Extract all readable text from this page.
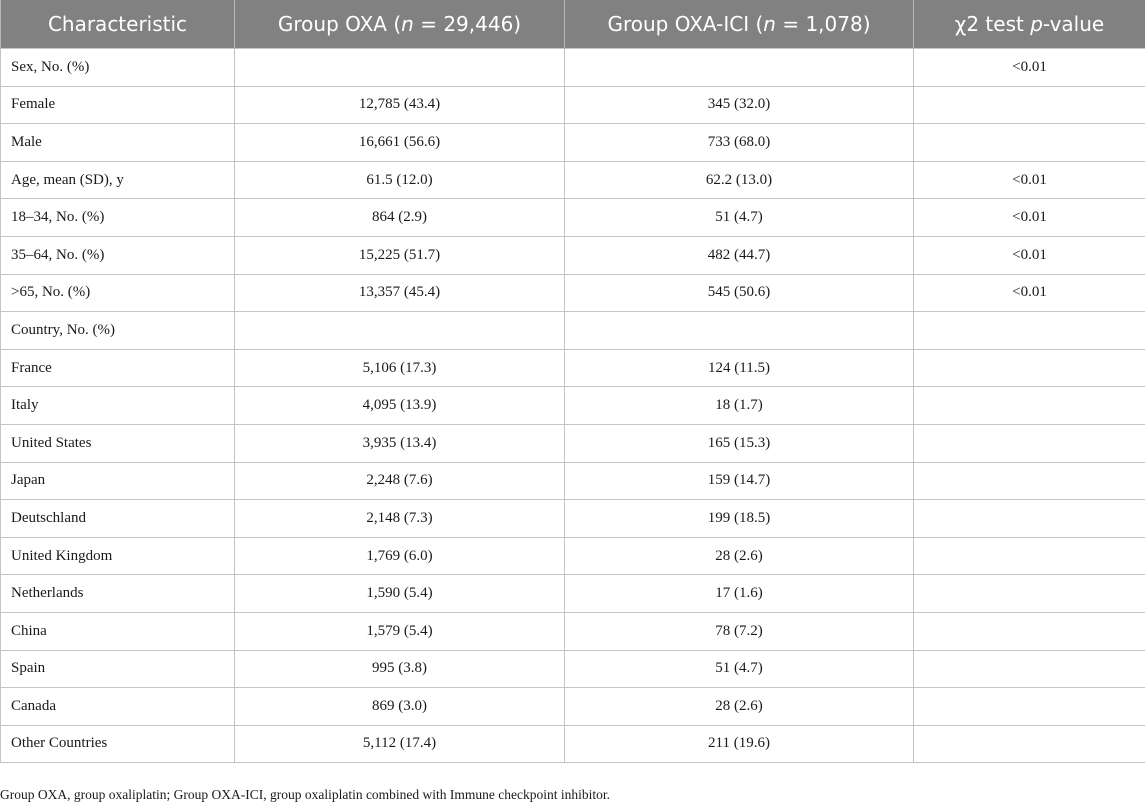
Characteristic	Group OXA (n = 29,446)	Group OXA-ICI (n = 1,078)	χ2 test p-value
Sex, No. (%)			<0.01
Female	12,785 (43.4)	345 (32.0)	
Male	16,661 (56.6)	733 (68.0)	
Age, mean (SD), y	61.5 (12.0)	62.2 (13.0)	<0.01
18–34, No. (%)	864 (2.9)	51 (4.7)	<0.01
35–64, No. (%)	15,225 (51.7)	482 (44.7)	<0.01
>65, No. (%)	13,357 (45.4)	545 (50.6)	<0.01
Country, No. (%)			
France	5,106 (17.3)	124 (11.5)	
Italy	4,095 (13.9)	18 (1.7)	
United States	3,935 (13.4)	165 (15.3)	
Japan	2,248 (7.6)	159 (14.7)	
Deutschland	2,148 (7.3)	199 (18.5)	
United Kingdom	1,769 (6.0)	28 (2.6)	
Netherlands	1,590 (5.4)	17 (1.6)	
China	1,579 (5.4)	78 (7.2)	
Spain	995 (3.8)	51 (4.7)	
Canada	869 (3.0)	28 (2.6)	
Other Countries	5,112 (17.4)	211 (19.6)	

Group OXA, group oxaliplatin; Group OXA-ICI, group oxaliplatin combined with Immune checkpoint inhibitor.
